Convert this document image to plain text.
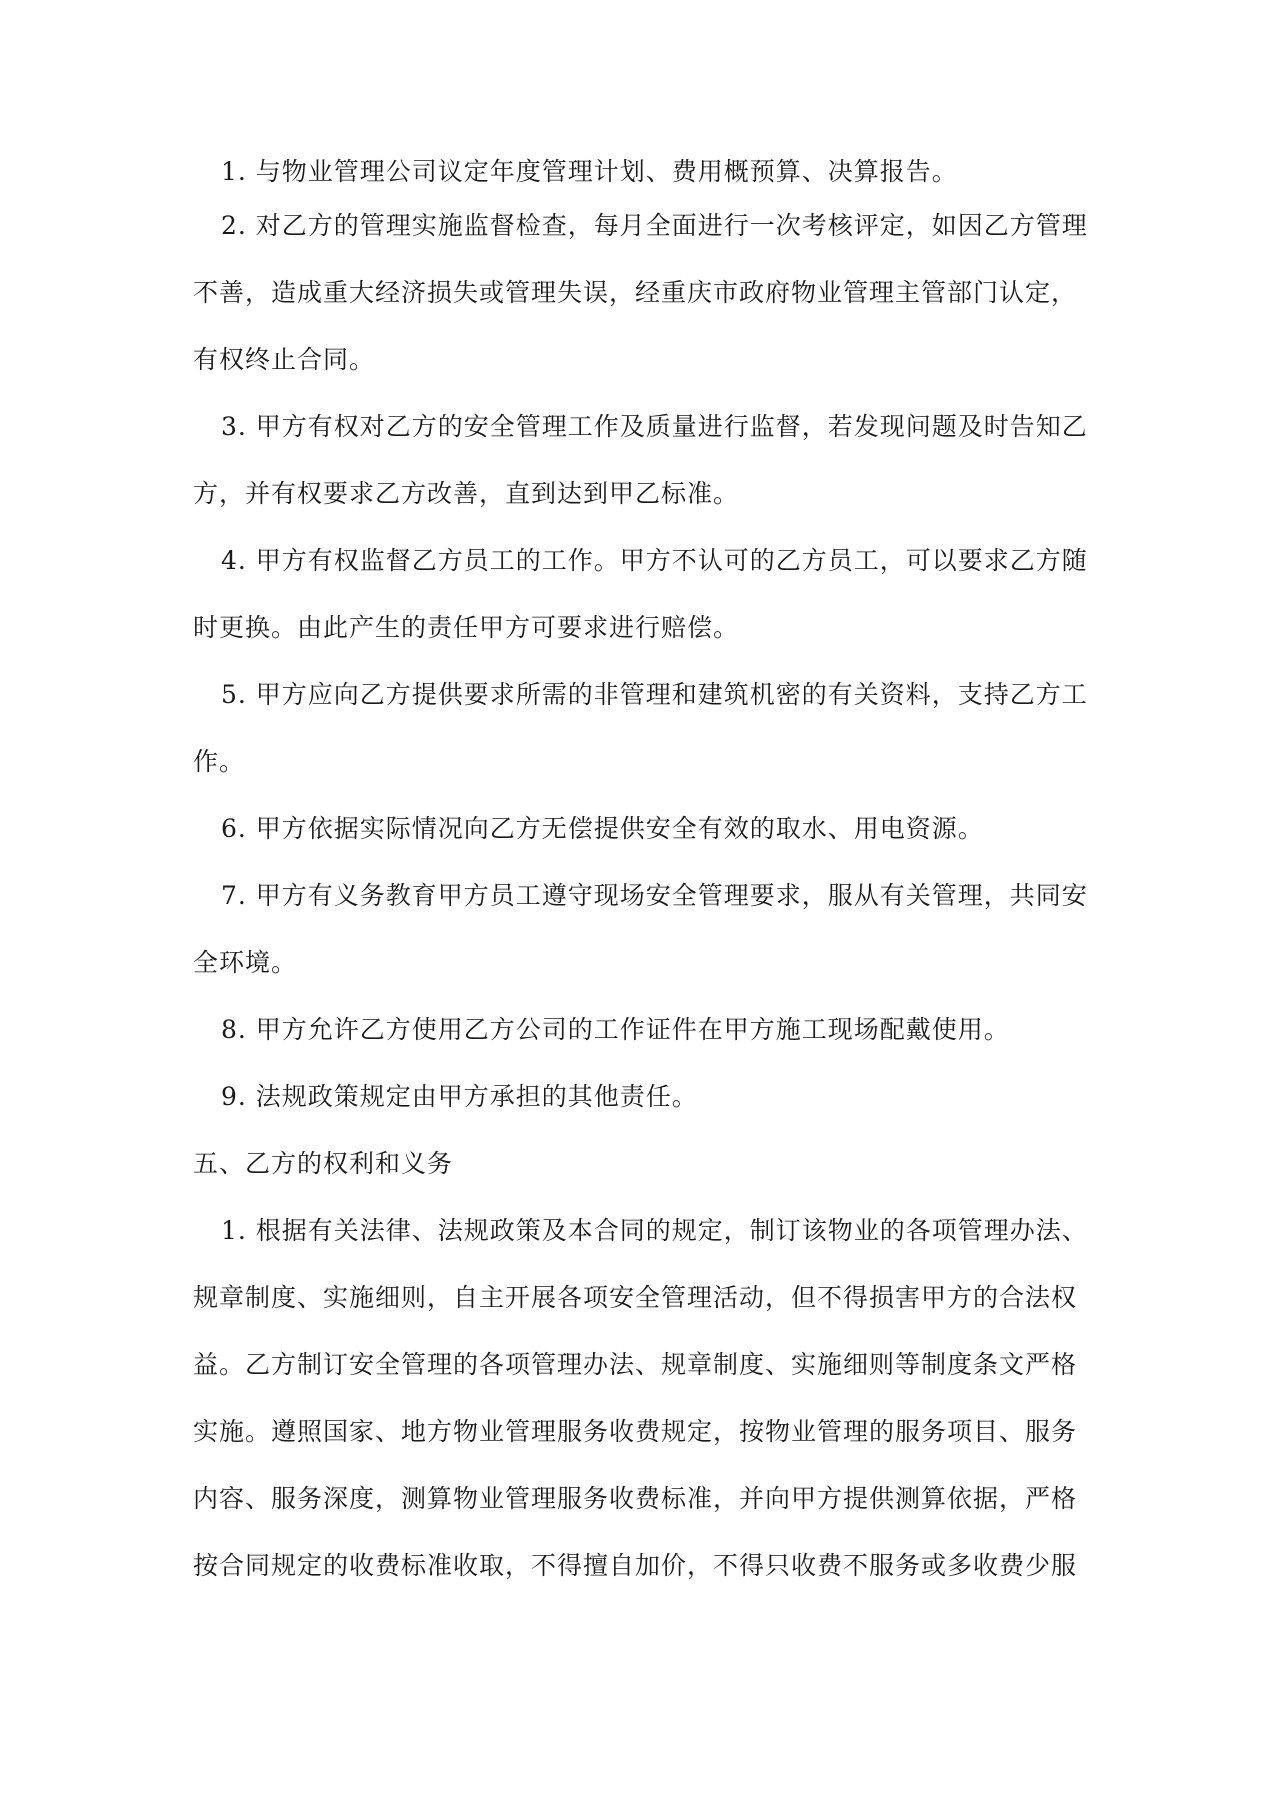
1. 与物业管理公司议定年度管理计划、费用概预算、决算报告。
2. 对乙方的管理实施监督检查，每月全面进行一次考核评定，如因乙方管理
不善，造成重大经济损失或管理失误，经重庆市政府物业管理主管部门认定，
有权终止合同。
3. 甲方有权对乙方的安全管理工作及质量进行监督，若发现问题及时告知乙
方，并有权要求乙方改善，直到达到甲乙标准。
4. 甲方有权监督乙方员工的工作。甲方不认可的乙方员工，可以要求乙方随
时更换。由此产生的责任甲方可要求进行赔偿。
5. 甲方应向乙方提供要求所需的非管理和建筑机密的有关资料，支持乙方工
作。
6. 甲方依据实际情况向乙方无偿提供安全有效的取水、用电资源。
7. 甲方有义务教育甲方员工遵守现场安全管理要求，服从有关管理，共同安
全环境。
8. 甲方允许乙方使用乙方公司的工作证件在甲方施工现场配戴使用。
9. 法规政策规定由甲方承担的其他责任。
五、乙方的权利和义务
1. 根据有关法律、法规政策及本合同的规定，制订该物业的各项管理办法、
规章制度、实施细则，自主开展各项安全管理活动，但不得损害甲方的合法权
益。乙方制订安全管理的各项管理办法、规章制度、实施细则等制度条文严格
实施。遵照国家、地方物业管理服务收费规定，按物业管理的服务项目、服务
内容、服务深度，测算物业管理服务收费标准，并向甲方提供测算依据，严格
按合同规定的收费标准收取，不得擅自加价，不得只收费不服务或多收费少服
